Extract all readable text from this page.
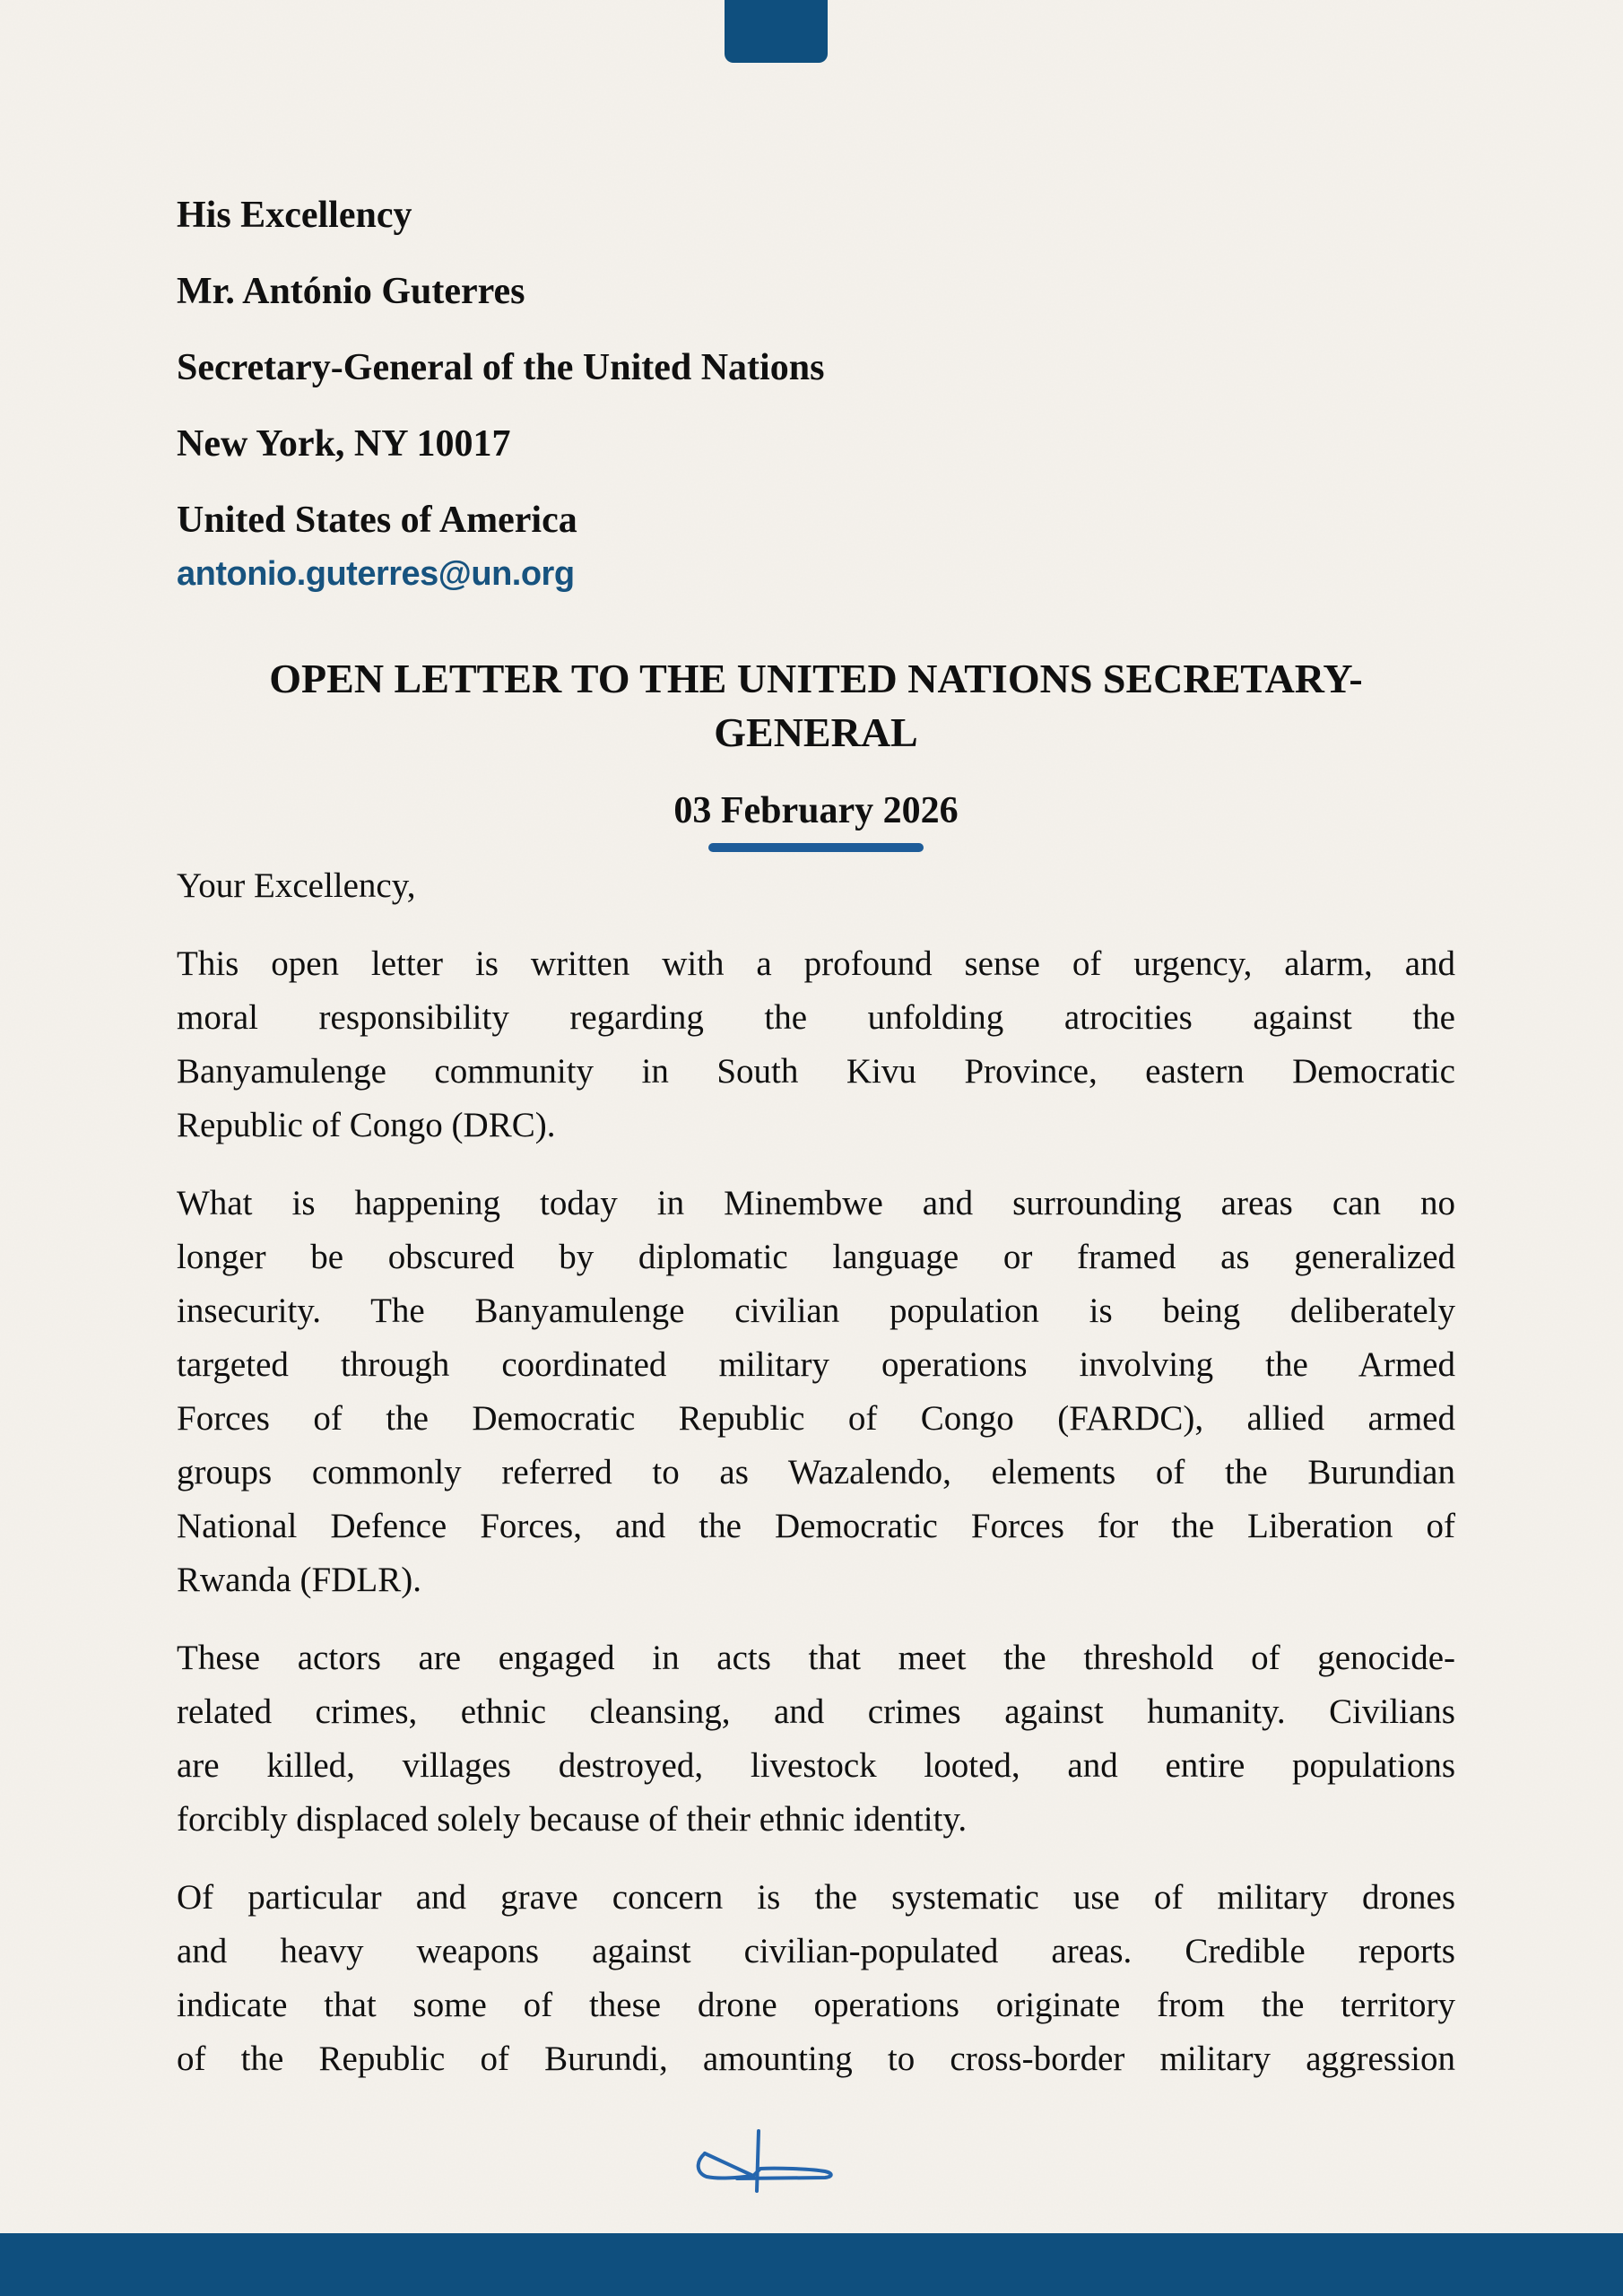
His Excellency
Mr. António Guterres
Secretary-General of the United Nations
New York, NY 10017
United States of America
antonio.guterres@un.org
OPEN LETTER TO THE UNITED NATIONS SECRETARY-
GENERAL
03 February 2026
Your Excellency,
This open letter is written with a profound sense of urgency, alarm, and
moral responsibility regarding the unfolding atrocities against the
Banyamulenge community in South Kivu Province, eastern Democratic
Republic of Congo (DRC).
What is happening today in Minembwe and surrounding areas can no
longer be obscured by diplomatic language or framed as generalized
insecurity. The Banyamulenge civilian population is being deliberately
targeted through coordinated military operations involving the Armed
Forces of the Democratic Republic of Congo (FARDC), allied armed
groups commonly referred to as Wazalendo, elements of the Burundian
National Defence Forces, and the Democratic Forces for the Liberation of
Rwanda (FDLR).
These actors are engaged in acts that meet the threshold of genocide-
related crimes, ethnic cleansing, and crimes against humanity. Civilians
are killed, villages destroyed, livestock looted, and entire populations
forcibly displaced solely because of their ethnic identity.
Of particular and grave concern is the systematic use of military drones
and heavy weapons against civilian-populated areas. Credible reports
indicate that some of these drone operations originate from the territory
of the Republic of Burundi, amounting to cross-border military aggression
